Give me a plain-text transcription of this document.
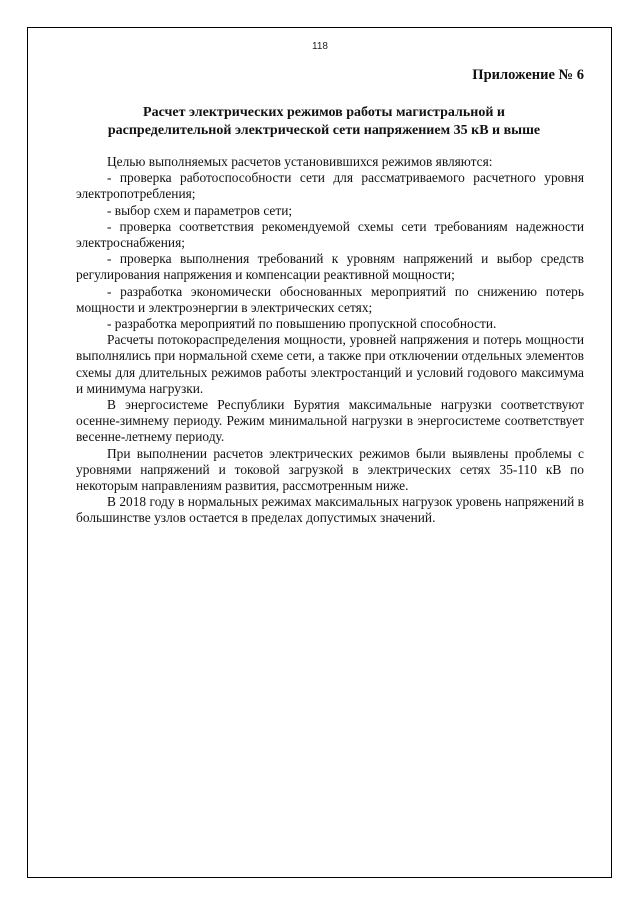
118
Приложение № 6
Расчет электрических режимов работы магистральной и
распределительной электрической сети напряжением 35 кВ и выше

Целью выполняемых расчетов установившихся режимов являются:

- проверка работоспособности сети для рассматриваемого расчетного уровня электропотребления;

- выбор схем и параметров сети;

- проверка соответствия рекомендуемой схемы сети требованиям надежности электроснабжения;

- проверка выполнения требований к уровням напряжений и выбор средств регулирования напряжения и компенсации реактивной мощности;

- разработка экономически обоснованных мероприятий по снижению потерь мощности и электроэнергии в электрических сетях;

- разработка мероприятий по повышению пропускной способности.

Расчеты потокораспределения мощности, уровней напряжения и потерь мощности выполнялись при нормальной схеме сети, а также при отключении отдельных элементов схемы для длительных режимов работы электростанций и условий годового максимума и минимума нагрузки.

В энергосистеме Республики Бурятия максимальные нагрузки соответствуют осенне-зимнему периоду. Режим минимальной нагрузки в энергосистеме соответствует весенне-летнему периоду.

При выполнении расчетов электрических режимов были выявлены проблемы с уровнями напряжений и токовой загрузкой в электрических сетях 35-110 кВ по некоторым направлениям развития, рассмотренным ниже.

В 2018 году в нормальных режимах максимальных нагрузок уровень напряжений в большинстве узлов остается в пределах допустимых значений.
